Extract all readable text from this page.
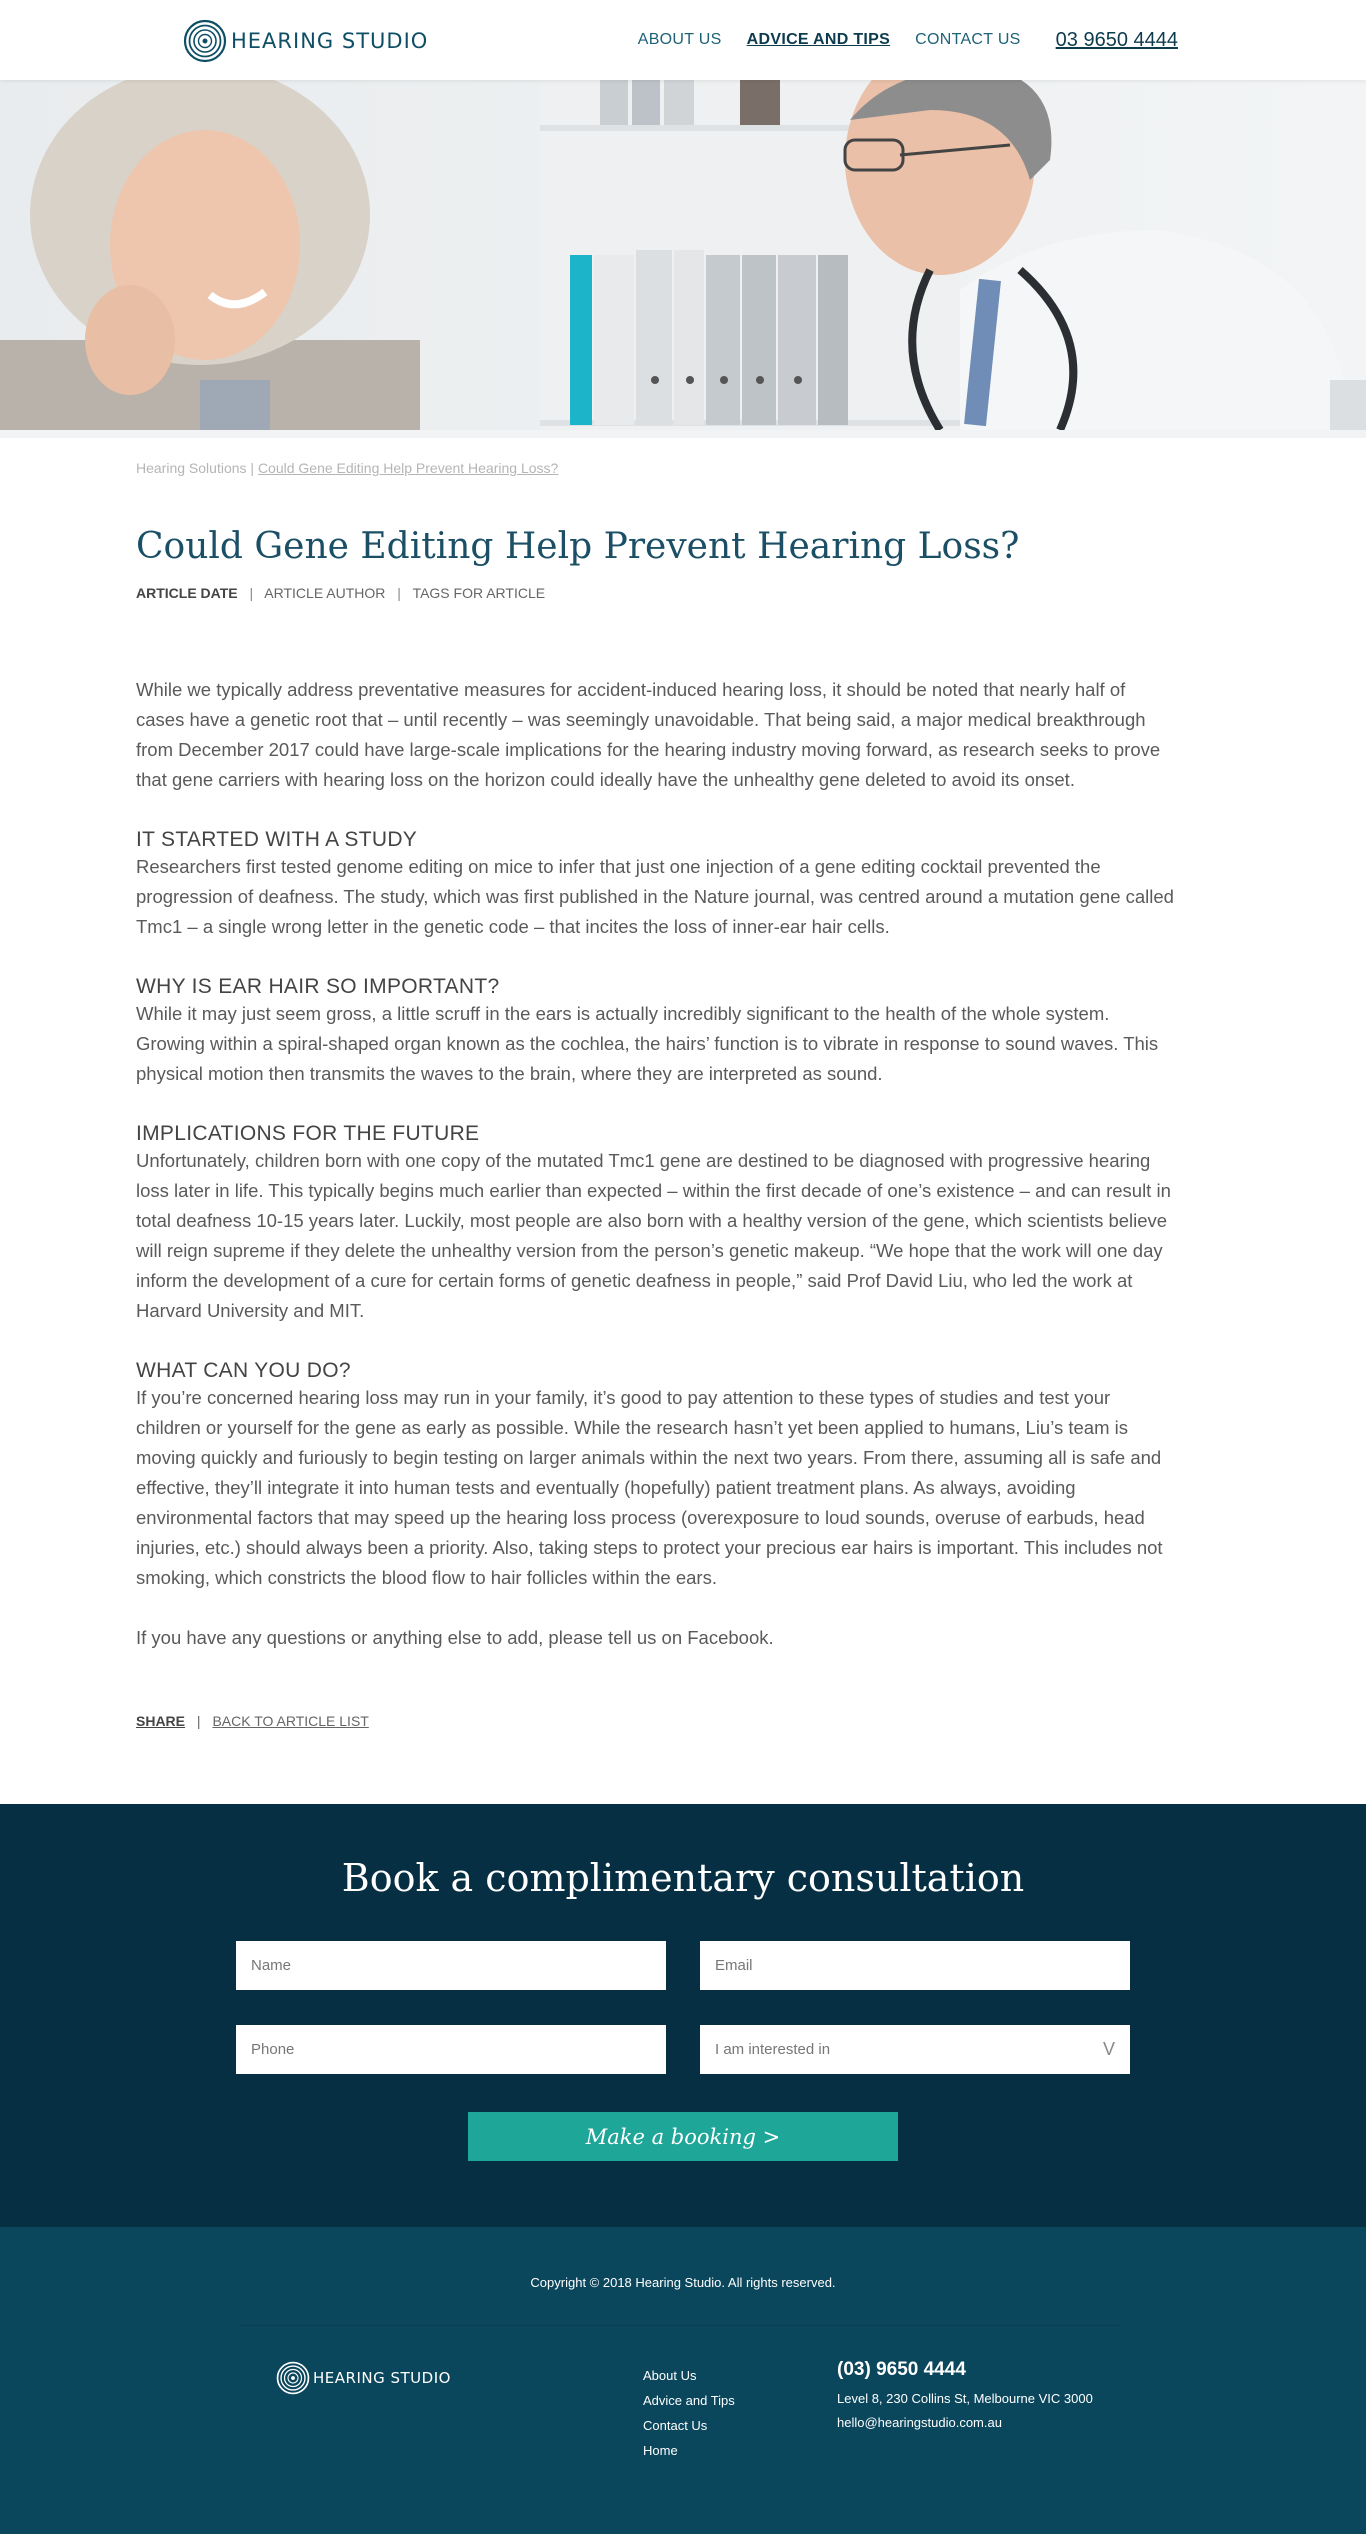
HEARING STUDIO	ABOUT US ADVICE AND TIPS CONTACT US 03 9650 4444
Hearing Solutions | Could Gene Editing Help Prevent Hearing Loss?
Could Gene Editing Help Prevent Hearing Loss?
ARTICLE DATE | ARTICLE AUTHOR | TAGS FOR ARTICLE

While we typically address preventative measures for accident-induced hearing loss, it should be noted that nearly half of cases have a genetic root that – until recently – was seemingly unavoidable. That being said, a major medical breakthrough from December 2017 could have large-scale implications for the hearing industry moving forward, as research seeks to prove that gene carriers with hearing loss on the horizon could ideally have the unhealthy gene deleted to avoid its onset.

IT STARTED WITH A STUDY

Researchers first tested genome editing on mice to infer that just one injection of a gene editing cocktail prevented the progression of deafness. The study, which was first published in the Nature journal, was centred around a mutation gene called Tmc1 – a single wrong letter in the genetic code – that incites the loss of inner-ear hair cells.

WHY IS EAR HAIR SO IMPORTANT?

While it may just seem gross, a little scruff in the ears is actually incredibly significant to the health of the whole system. Growing within a spiral-shaped organ known as the cochlea, the hairs’ function is to vibrate in response to sound waves. This physical motion then transmits the waves to the brain, where they are interpreted as sound.

IMPLICATIONS FOR THE FUTURE

Unfortunately, children born with one copy of the mutated Tmc1 gene are destined to be diagnosed with progressive hearing loss later in life. This typically begins much earlier than expected – within the first decade of one’s existence – and can result in total deafness 10-15 years later. Luckily, most people are also born with a healthy version of the gene, which scientists believe will reign supreme if they delete the unhealthy version from the person’s genetic makeup. “We hope that the work will one day inform the development of a cure for certain forms of genetic deafness in people,” said Prof David Liu, who led the work at Harvard University and MIT.

WHAT CAN YOU DO?

If you’re concerned hearing loss may run in your family, it’s good to pay attention to these types of studies and test your children or yourself for the gene as early as possible. While the research hasn’t yet been applied to humans, Liu’s team is moving quickly and furiously to begin testing on larger animals within the next two years. From there, assuming all is safe and effective, they’ll integrate it into human tests and eventually (hopefully) patient treatment plans. As always, avoiding environmental factors that may speed up the hearing loss process (overexposure to loud sounds, overuse of earbuds, head injuries, etc.) should always been a priority. Also, taking steps to protect your precious ear hairs is important. This includes not smoking, which constricts the blood flow to hair follicles within the ears.

If you have any questions or anything else to add, please tell us on Facebook.

SHARE | BACK TO ARTICLE LIST
Book a complimentary consultation
Name	Email
Phone	I am interested in	V
Make a booking >
Copyright © 2018 Hearing Studio. All rights reserved.
HEARING STUDIO	About Us
Advice and Tips
Contact Us
Home
(03) 9650 4444
Level 8, 230 Collins St, Melbourne VIC 3000
hello@hearingstudio.com.au
